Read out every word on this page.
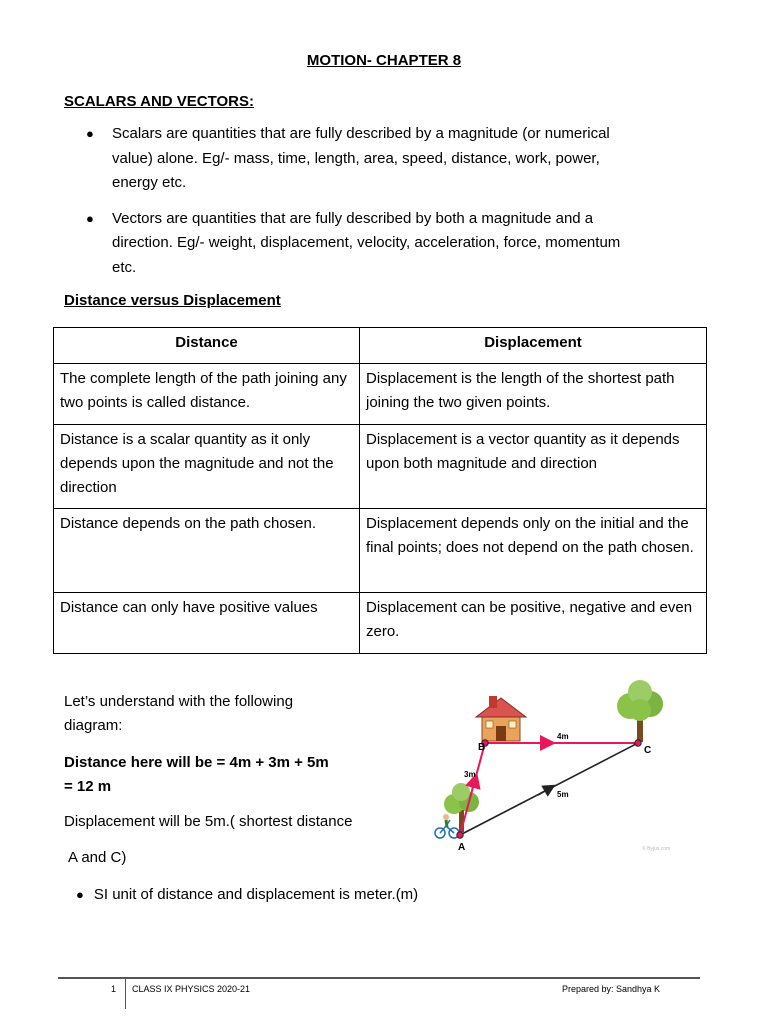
MOTION- CHAPTER 8
SCALARS AND VECTORS:
● Scalars are quantities that are fully described by a magnitude (or numerical
value) alone. Eg/- mass, time, length, area, speed, distance, work, power,
energy etc.
● Vectors are quantities that are fully described by both a magnitude and a
direction. Eg/- weight, displacement, velocity, acceleration, force, momentum
etc.
Distance versus Displacement
Distance	Displacement
The complete length of the path joining any two points is called distance.	Displacement is the length of the shortest path joining the two given points.
Distance is a scalar quantity as it only depends upon the magnitude and not the direction	Displacement is a vector quantity as it depends upon both magnitude and direction
Distance depends on the path chosen.	Displacement depends only on the initial and the final points; does not depend on the path chosen.
Distance can only have positive values	Displacement can be positive, negative and even zero.
Let’s understand with the following
diagram:
Distance here will be = 4m + 3m + 5m
= 12 m
Displacement will be 5m.( shortest distance
A and C)
● SI unit of distance and displacement is meter.(m)
A
B	C
3m
4m
5m
© Byjus.com
1 CLASS IX PHYSICS 2020-21	Prepared by: Sandhya K
